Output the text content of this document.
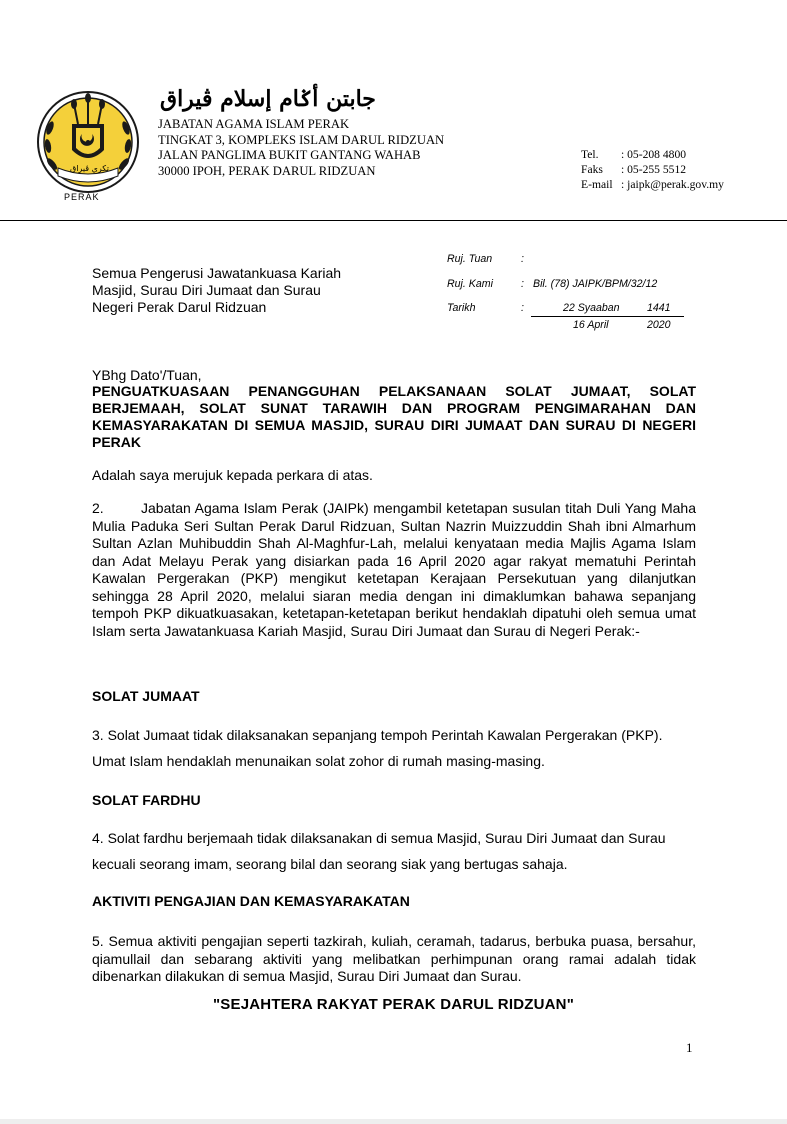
تكري ڤيراق
PERAK
جابتن أݢام إسلام ڤيراق
JABATAN AGAMA ISLAM PERAK
TINGKAT 3, KOMPLEKS ISLAM DARUL RIDZUAN
JALAN PANGLIMA BUKIT GANTANG WAHAB
30000 IPOH, PERAK DARUL RIDZUAN
Tel. : 05-208 4800
Faks : 05-255 5512
E-mail : jaipk@perak.gov.my
Ruj. Tuan	:
Ruj. Kami	: Bil. (78) JAIPK/BPM/32/12
Tarikh	:	22 Syaaban	1441
16 April	2020
Semua Pengerusi Jawatankuasa Kariah
Masjid, Surau Diri Jumaat dan Surau
Negeri Perak Darul Ridzuan
YBhg Dato'/Tuan,
PENGUATKUASAAN PENANGGUHAN PELAKSANAAN SOLAT JUMAAT, SOLAT BERJEMAAH, SOLAT SUNAT TARAWIH DAN PROGRAM PENGIMARAHAN DAN KEMASYARAKATAN DI SEMUA MASJID, SURAU DIRI JUMAAT DAN SURAU DI NEGERI PERAK
Adalah saya merujuk kepada perkara di atas.
2.	Jabatan Agama Islam Perak (JAIPk) mengambil ketetapan susulan titah Duli Yang Maha Mulia Paduka Seri Sultan Perak Darul Ridzuan, Sultan Nazrin Muizzuddin Shah ibni Almarhum Sultan Azlan Muhibuddin Shah Al-Maghfur-Lah, melalui kenyataan media Majlis Agama Islam dan Adat Melayu Perak yang disiarkan pada 16 April 2020 agar rakyat mematuhi Perintah Kawalan Pergerakan (PKP) mengikut ketetapan Kerajaan Persekutuan yang dilanjutkan sehingga 28 April 2020, melalui siaran media dengan ini dimaklumkan bahawa sepanjang tempoh PKP dikuatkuasakan, ketetapan-ketetapan berikut hendaklah dipatuhi oleh semua umat Islam serta Jawatankuasa Kariah Masjid, Surau Diri Jumaat dan Surau di Negeri Perak:-
SOLAT JUMAAT
3. Solat Jumaat tidak dilaksanakan sepanjang tempoh Perintah Kawalan Pergerakan (PKP). Umat Islam hendaklah menunaikan solat zohor di rumah masing-masing.
SOLAT FARDHU
4. Solat fardhu berjemaah tidak dilaksanakan di semua Masjid, Surau Diri Jumaat dan Surau kecuali seorang imam, seorang bilal dan seorang siak yang bertugas sahaja.
AKTIVITI PENGAJIAN DAN KEMASYARAKATAN
5. Semua aktiviti pengajian seperti tazkirah, kuliah, ceramah, tadarus, berbuka puasa, bersahur, qiamullail dan sebarang aktiviti yang melibatkan perhimpunan orang ramai adalah tidak dibenarkan dilakukan di semua Masjid, Surau Diri Jumaat dan Surau.
"SEJAHTERA RAKYAT PERAK DARUL RIDZUAN"
1
